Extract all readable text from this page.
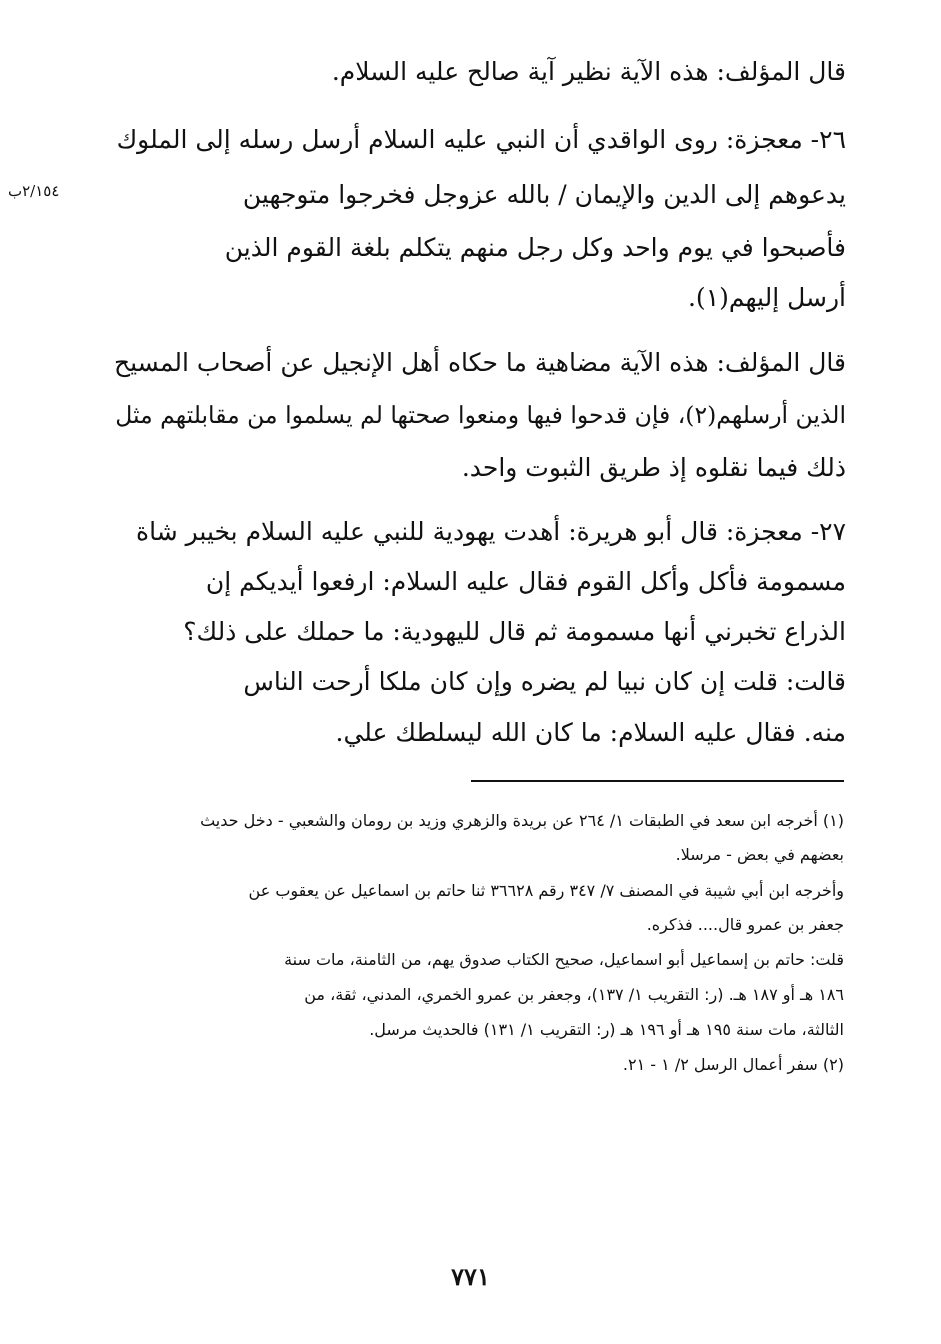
قال المؤلف: هذه الآية نظير آية صالح عليه السلام.
٢٦- معجزة: روى الواقدي أن النبي عليه السلام أرسل رسله إلى الملوك
يدعوهم إلى الدين والإيمان / بالله عزوجل فخرجوا متوجهين
فأصبحوا في يوم واحد وكل رجل منهم يتكلم بلغة القوم الذين
أرسل إليهم(١).
٢/١٥٤ب
قال المؤلف: هذه الآية مضاهية ما حكاه أهل الإنجيل عن أصحاب المسيح
الذين أرسلهم(٢)، فإن قدحوا فيها ومنعوا صحتها لم يسلموا من مقابلتهم مثل
ذلك فيما نقلوه إذ طريق الثبوت واحد.
٢٧- معجزة: قال أبو هريرة: أهدت يهودية للنبي عليه السلام بخيبر شاة
مسمومة فأكل وأكل القوم فقال عليه السلام: ارفعوا أيديكم إن
الذراع تخبرني أنها مسمومة ثم قال لليهودية: ما حملك على ذلك؟
قالت: قلت إن كان نبيا لم يضره وإن كان ملكا أرحت الناس
منه. فقال عليه السلام: ما كان الله ليسلطك علي.
(١) أخرجه ابن سعد في الطبقات ١/ ٢٦٤ عن بريدة والزهري وزيد بن رومان والشعبي - دخل حديث
بعضهم في بعض - مرسلا.
وأخرجه ابن أبي شيبة في المصنف ٧/ ٣٤٧ رقم ٣٦٦٢٨ ثنا حاتم بن اسماعيل عن يعقوب عن
جعفر بن عمرو قال.... فذكره.
قلت: حاتم بن إسماعيل أبو اسماعيل، صحيح الكتاب صدوق يهم، من الثامنة، مات سنة
١٨٦ هـ أو ١٨٧ هـ. (ر: التقريب ١/ ١٣٧)، وجعفر بن عمرو الخمري، المدني، ثقة، من
الثالثة، مات سنة ١٩٥ هـ أو ١٩٦ هـ (ر: التقريب ١/ ١٣١) فالحديث مرسل.
(٢) سفر أعمال الرسل ٢/ ١ - ٢١.
٧٧١
